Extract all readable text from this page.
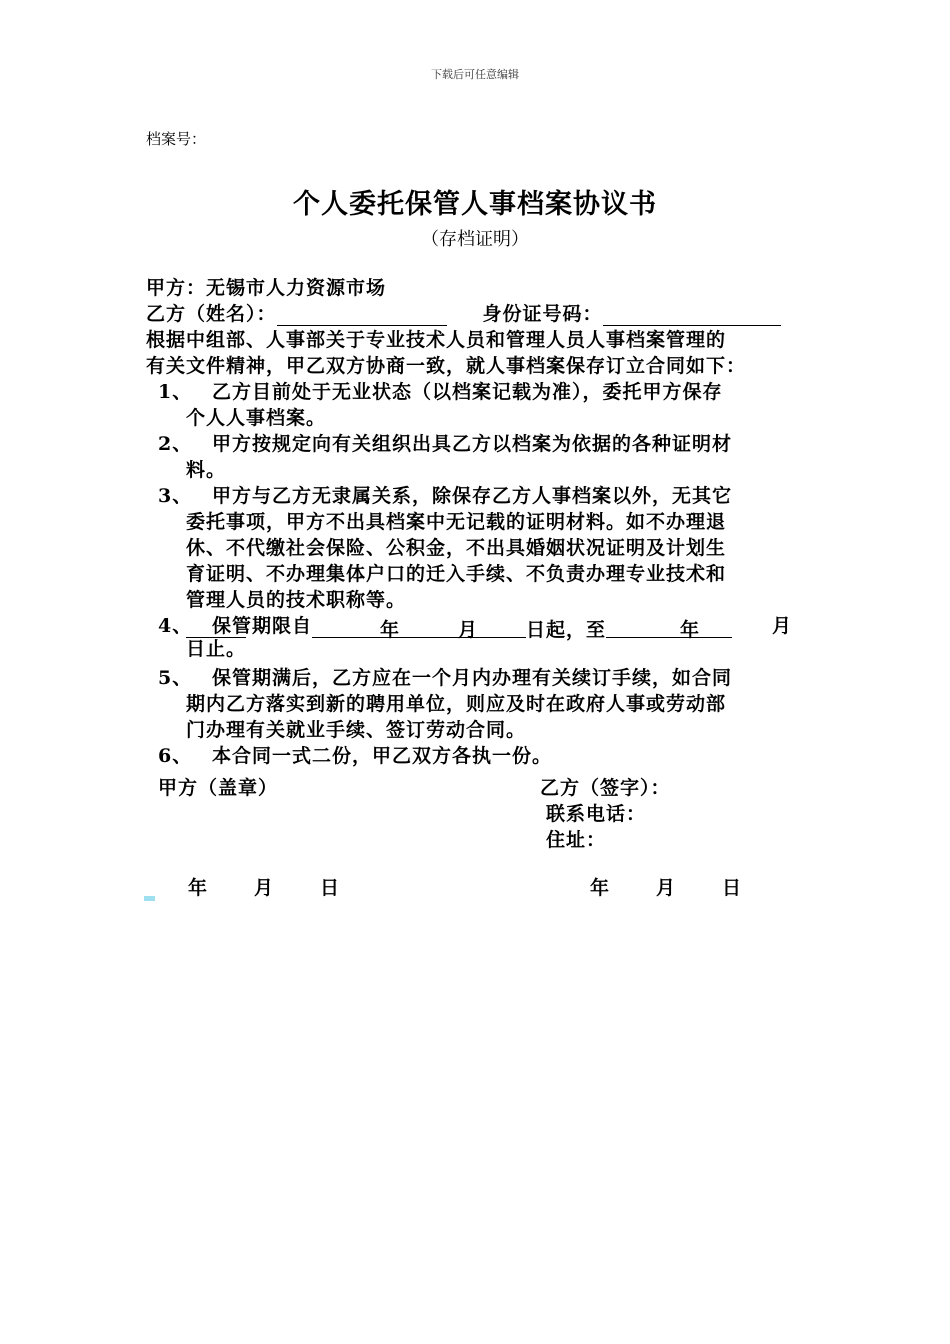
下载后可任意编辑
档案号：
个人委托保管人事档案协议书
（存档证明）
甲方：无锡市人力资源市场
乙方（姓名）：	身份证号码：
根据中组部、人事部关于专业技术人员和管理人员人事档案管理的
有关文件精神，甲乙双方协商一致，就人事档案保存订立合同如下：
1、 乙方目前处于无业状态（以档案记载为准），委托甲方保存
个人人事档案。
2、 甲方按规定向有关组织出具乙方以档案为依据的各种证明材
料。
3、 甲方与乙方无隶属关系，除保存乙方人事档案以外，无其它
委托事项，甲方不出具档案中无记载的证明材料。如不办理退
休、不代缴社会保险、公积金，不出具婚姻状况证明及计划生
育证明、不办理集体户口的迁入手续、不负责办理专业技术和
管理人员的技术职称等。
4、 保管期限自	年	月	日起，至	年	月
日止。
5、 保管期满后，乙方应在一个月内办理有关续订手续，如合同
期内乙方落实到新的聘用单位，则应及时在政府人事或劳动部
门办理有关就业手续、签订劳动合同。
6、 本合同一式二份，甲乙双方各执一份。
甲方（盖章）	乙方（签字）：
联系电话：
住址：
年 月 日	年 月 日
